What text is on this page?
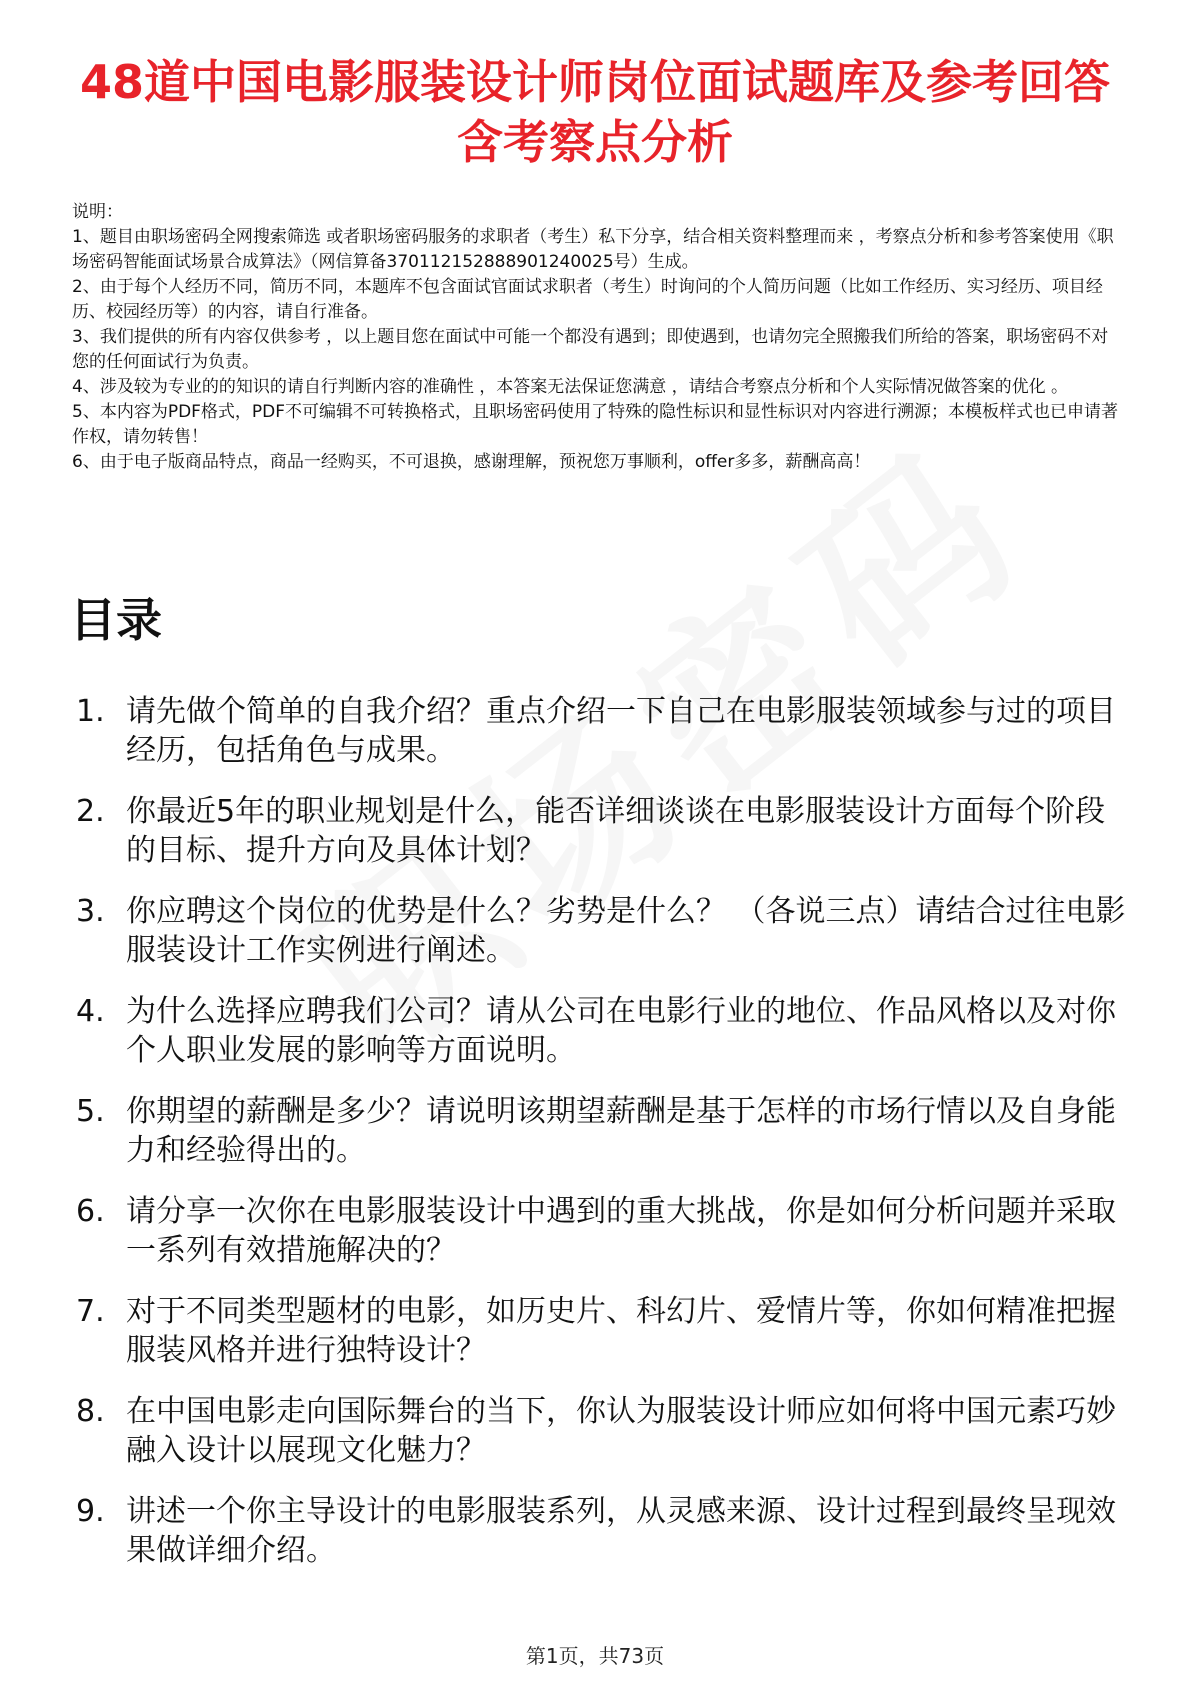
48道中国电影服装设计师岗位面试题库及参考回答含考察点分析

说明：

1、题目由职场密码全网搜索筛选 或者职场密码服务的求职者（考生）私下分享，结合相关资料整理而来 ，考察点分析和参考答案使用《职场密码智能面试场景合成算法》（网信算备370112152888901240025号）生成。

2、由于每个人经历不同，简历不同，本题库不包含面试官面试求职者（考生）时询问的个人简历问题（比如工作经历、实习经历、项目经历、校园经历等）的内容，请自行准备。

3、我们提供的所有内容仅供参考 ，以上题目您在面试中可能一个都没有遇到；即使遇到，也请勿完全照搬我们所给的答案，职场密码不对您的任何面试行为负责。

4、涉及较为专业的的知识的请自行判断内容的准确性 ，本答案无法保证您满意 ，请结合考察点分析和个人实际情况做答案的优化 。

5、本内容为PDF格式，PDF不可编辑不可转换格式，且职场密码使用了特殊的隐性标识和显性标识对内容进行溯源；本模板样式也已申请著作权，请勿转售！

6、由于电子版商品特点，商品一经购买，不可退换，感谢理解，预祝您万事顺利，offer多多，薪酬高高！

目录
1. 请先做个简单的自我介绍？重点介绍一下自己在电影服装领域参与过的项目经历，包括角色与成果。
2. 你最近5年的职业规划是什么，能否详细谈谈在电影服装设计方面每个阶段的目标、提升方向及具体计划？
3. 你应聘这个岗位的优势是什么？劣势是什么？ （各说三点）请结合过往电影服装设计工作实例进行阐述。
4. 为什么选择应聘我们公司？请从公司在电影行业的地位、作品风格以及对你个人职业发展的影响等方面说明。
5. 你期望的薪酬是多少？请说明该期望薪酬是基于怎样的市场行情以及自身能力和经验得出的。
6. 请分享一次你在电影服装设计中遇到的重大挑战，你是如何分析问题并采取一系列有效措施解决的？
7. 对于不同类型题材的电影，如历史片、科幻片、爱情片等，你如何精准把握服装风格并进行独特设计？
8. 在中国电影走向国际舞台的当下，你认为服装设计师应如何将中国元素巧妙融入设计以展现文化魅力？
9. 讲述一个你主导设计的电影服装系列，从灵感来源、设计过程到最终呈现效果做详细介绍。
第1页，共73页
